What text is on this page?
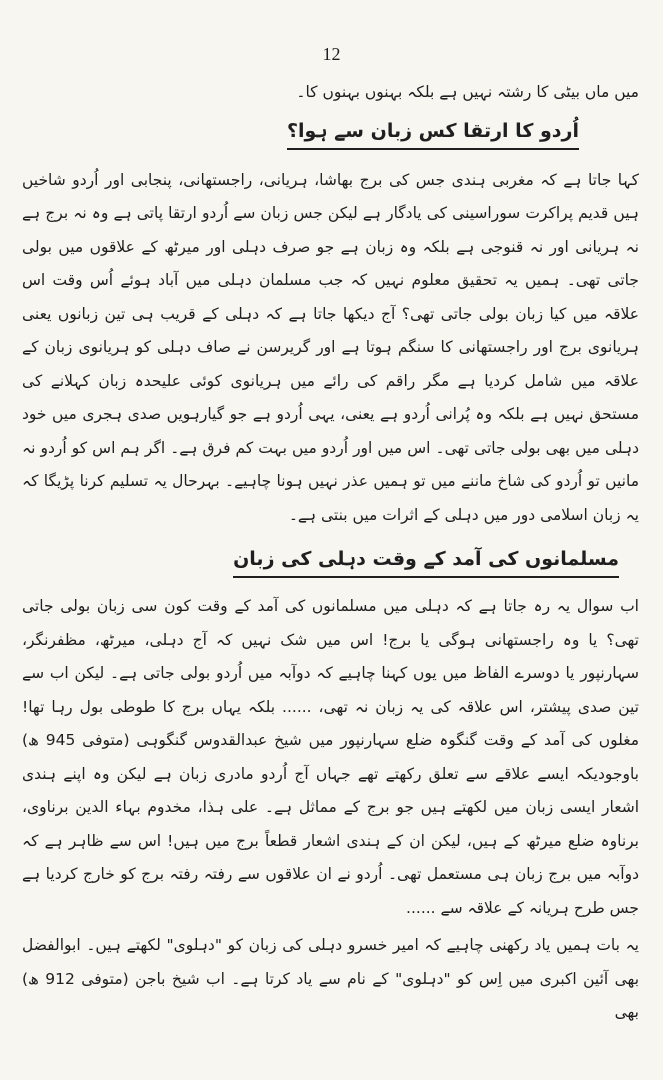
12

میں ماں بیٹی کا رشتہ نہیں ہے بلکہ بہنوں بہنوں کا۔

اُردو کا ارتقا کس زبان سے ہوا؟

کہا جاتا ہے کہ مغربی ہندی جس کی برج بھاشا، ہریانی، راجستھانی، پنجابی اور اُردو شاخیں ہیں قدیم پراکرت سوراسینی کی یادگار ہے لیکن جس زبان سے اُردو ارتقا پاتی ہے وہ نہ برج ہے نہ ہریانی اور نہ قنوجی ہے بلکہ وہ زبان ہے جو صرف دہلی اور میرٹھ کے علاقوں میں بولی جاتی تھی۔ ہمیں یہ تحقیق معلوم نہیں کہ جب مسلمان دہلی میں آباد ہوئے اُس وقت اس علاقہ میں کیا زبان بولی جاتی تھی؟ آج دیکھا جاتا ہے کہ دہلی کے قریب ہی تین زبانوں یعنی ہریانوی برج اور راجستھانی کا سنگم ہوتا ہے اور گریرسن نے صاف دہلی کو ہریانوی زبان کے علاقہ میں شامل کردیا ہے مگر راقم کی رائے میں ہریانوی کوئی علیحدہ زبان کہلانے کی مستحق نہیں ہے بلکہ وہ پُرانی اُردو ہے یعنی، یہی اُردو ہے جو گیارہویں صدی ہجری میں خود دہلی میں بھی بولی جاتی تھی۔ اس میں اور اُردو میں بہت کم فرق ہے۔ اگر ہم اس کو اُردو نہ مانیں تو اُردو کی شاخ ماننے میں تو ہمیں عذر نہیں ہونا چاہیے۔ بہرحال یہ تسلیم کرنا پڑیگا کہ یہ زبان اسلامی دور میں دہلی کے اثرات میں بنتی ہے۔

مسلمانوں کی آمد کے وقت دہلی کی زبان

اب سوال یہ رہ جاتا ہے کہ دہلی میں مسلمانوں کی آمد کے وقت کون سی زبان بولی جاتی تھی؟ یا وہ راجستھانی ہوگی یا برج! اس میں شک نہیں کہ آج دہلی، میرٹھ، مظفرنگر، سہارنپور یا دوسرے الفاظ میں یوں کہنا چاہیے کہ دوآبہ میں اُردو بولی جاتی ہے۔ لیکن اب سے تین صدی پیشتر، اس علاقہ کی یہ زبان نہ تھی، ...... بلکہ یہاں برج کا طوطی بول رہا تھا! مغلوں کی آمد کے وقت گنگوہ ضلع سہارنپور میں شیخ عبدالقدوس گنگوہی (متوفی 945 ھ) باوجودیکہ ایسے علاقے سے تعلق رکھتے تھے جہاں آج اُردو مادری زبان ہے لیکن وہ اپنے ہندی اشعار ایسی زبان میں لکھتے ہیں جو برج کے مماثل ہے۔ علی ہذا، مخدوم بہاء الدین برناوی، برناوہ ضلع میرٹھ کے ہیں، لیکن ان کے ہندی اشعار قطعاً برج میں ہیں! اس سے ظاہر ہے کہ دوآبہ میں برج زبان ہی مستعمل تھی۔ اُردو نے ان علاقوں سے رفتہ رفتہ برج کو خارج کردیا ہے جس طرح ہریانہ کے علاقہ سے ......

یہ بات ہمیں یاد رکھنی چاہیے کہ امیر خسرو دہلی کی زبان کو "دہلوی" لکھتے ہیں۔ ابوالفضل بھی آئین اکبری میں اِس کو "دہلوی" کے نام سے یاد کرتا ہے۔ اب شیخ باجن (متوفی 912 ھ) بھی
